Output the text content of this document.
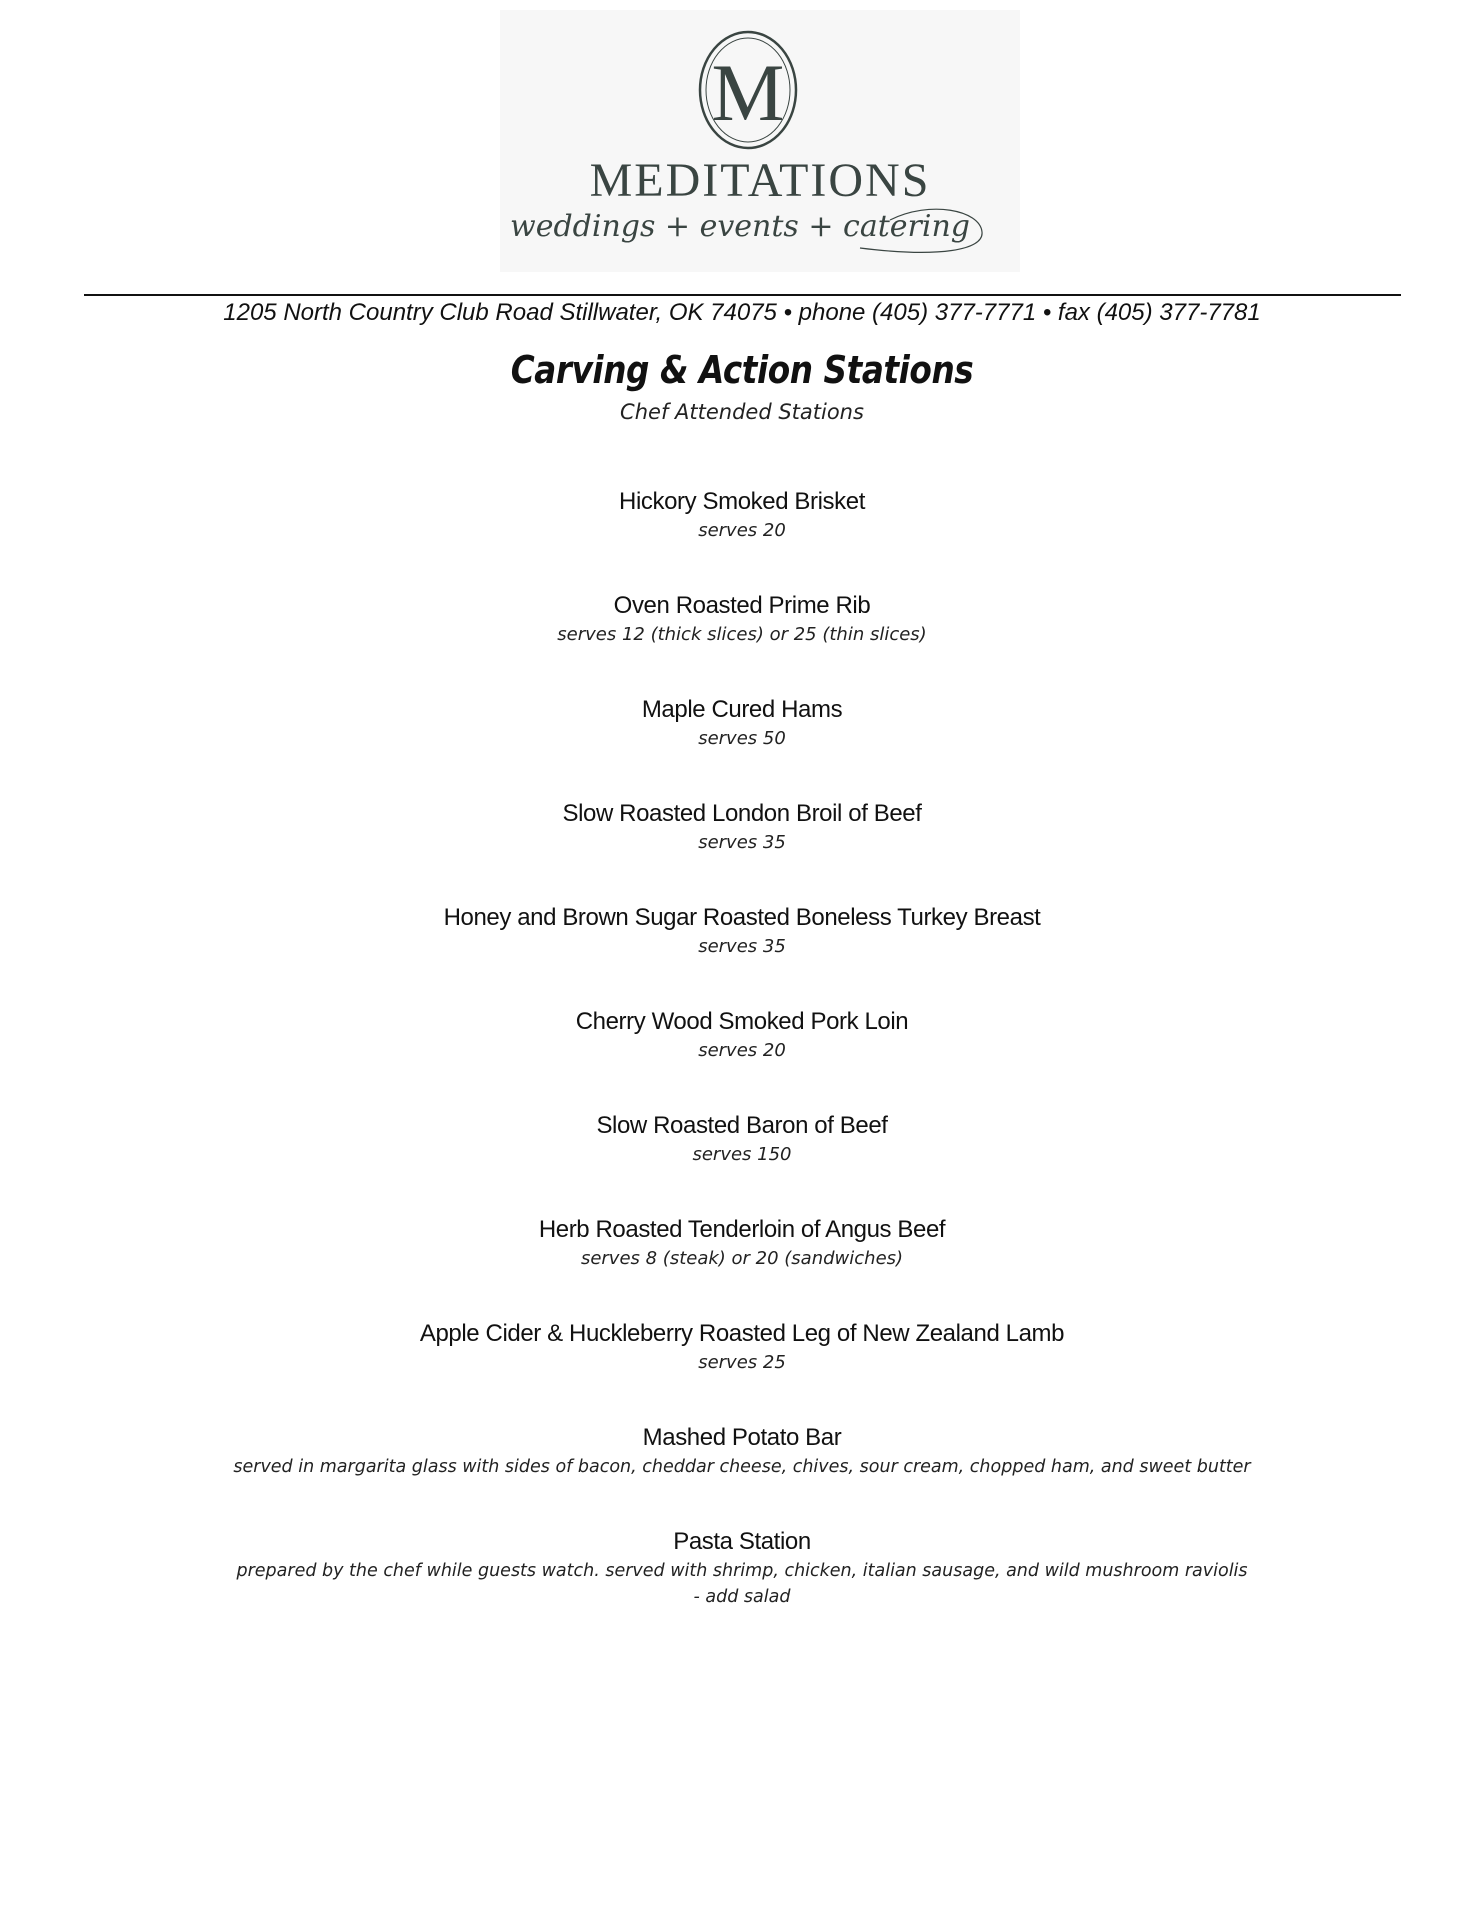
M
MEDITATIONS
weddings + events + catering
1205 North Country Club Road Stillwater, OK 74075 • phone (405) 377-7771 • fax (405) 377-7781
Carving & Action Stations
Chef Attended Stations
Hickory Smoked Brisket
serves 20
Oven Roasted Prime Rib
serves 12 (thick slices) or 25 (thin slices)
Maple Cured Hams
serves 50
Slow Roasted London Broil of Beef
serves 35
Honey and Brown Sugar Roasted Boneless Turkey Breast
serves 35
Cherry Wood Smoked Pork Loin
serves 20
Slow Roasted Baron of Beef
serves 150
Herb Roasted Tenderloin of Angus Beef
serves 8 (steak) or 20 (sandwiches)
Apple Cider & Huckleberry Roasted Leg of New Zealand Lamb
serves 25
Mashed Potato Bar
served in margarita glass with sides of bacon, cheddar cheese, chives, sour cream, chopped ham, and sweet butter
Pasta Station
prepared by the chef while guests watch. served with shrimp, chicken, italian sausage, and wild mushroom raviolis
- add salad
